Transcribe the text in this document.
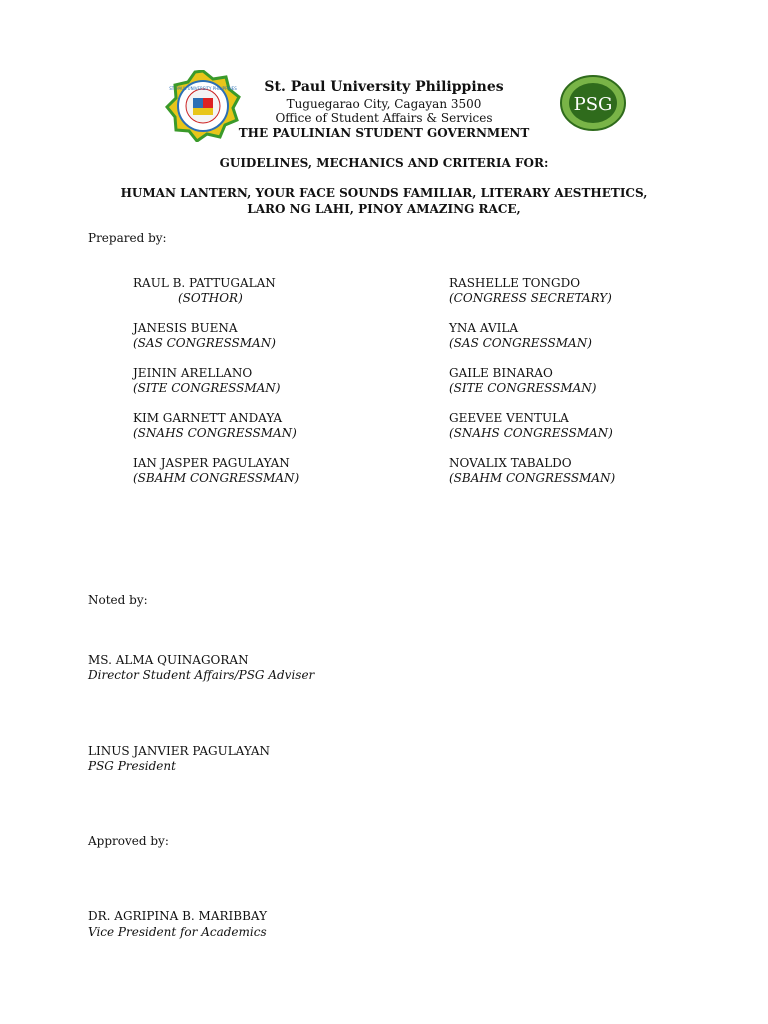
ST. PAUL UNIVERSITY PHILIPPINES
PSG
St. Paul University Philippines
Tuguegarao City, Cagayan 3500
Office of Student Affairs & Services
THE PAULINIAN STUDENT GOVERNMENT
GUIDELINES, MECHANICS AND CRITERIA FOR:
HUMAN LANTERN, YOUR FACE SOUNDS FAMILIAR, LITERARY AESTHETICS,
LARO NG LAHI, PINOY AMAZING RACE,
Prepared by:
RAUL B. PATTUGALAN
(SOTHOR)
RASHELLE TONGDO
(CONGRESS SECRETARY)
JANESIS BUENA
(SAS CONGRESSMAN)
YNA AVILA
(SAS CONGRESSMAN)
JEININ ARELLANO
(SITE CONGRESSMAN)
GAILE BINARAO
(SITE CONGRESSMAN)
KIM GARNETT ANDAYA
(SNAHS CONGRESSMAN)
GEEVEE VENTULA
(SNAHS CONGRESSMAN)
IAN JASPER PAGULAYAN
(SBAHM CONGRESSMAN)
NOVALIX TABALDO
(SBAHM CONGRESSMAN)
Noted by:
MS. ALMA QUINAGORAN
Director Student Affairs/PSG Adviser
LINUS JANVIER PAGULAYAN
PSG President
Approved by:
DR. AGRIPINA B. MARIBBAY
Vice President for Academics
